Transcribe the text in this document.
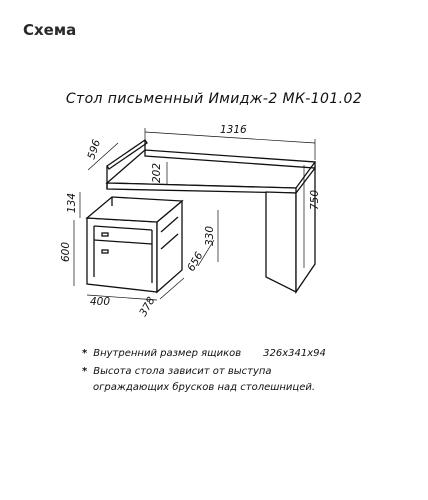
Схема
Стол письменный Имидж-2 МК-101.02
1316
596
750
202
134
600
400	378
656
330
* Внутренний размер ящиков 326x341x94
* Высота стола зависит от выступа
ограждающих брусков над столешницей.
